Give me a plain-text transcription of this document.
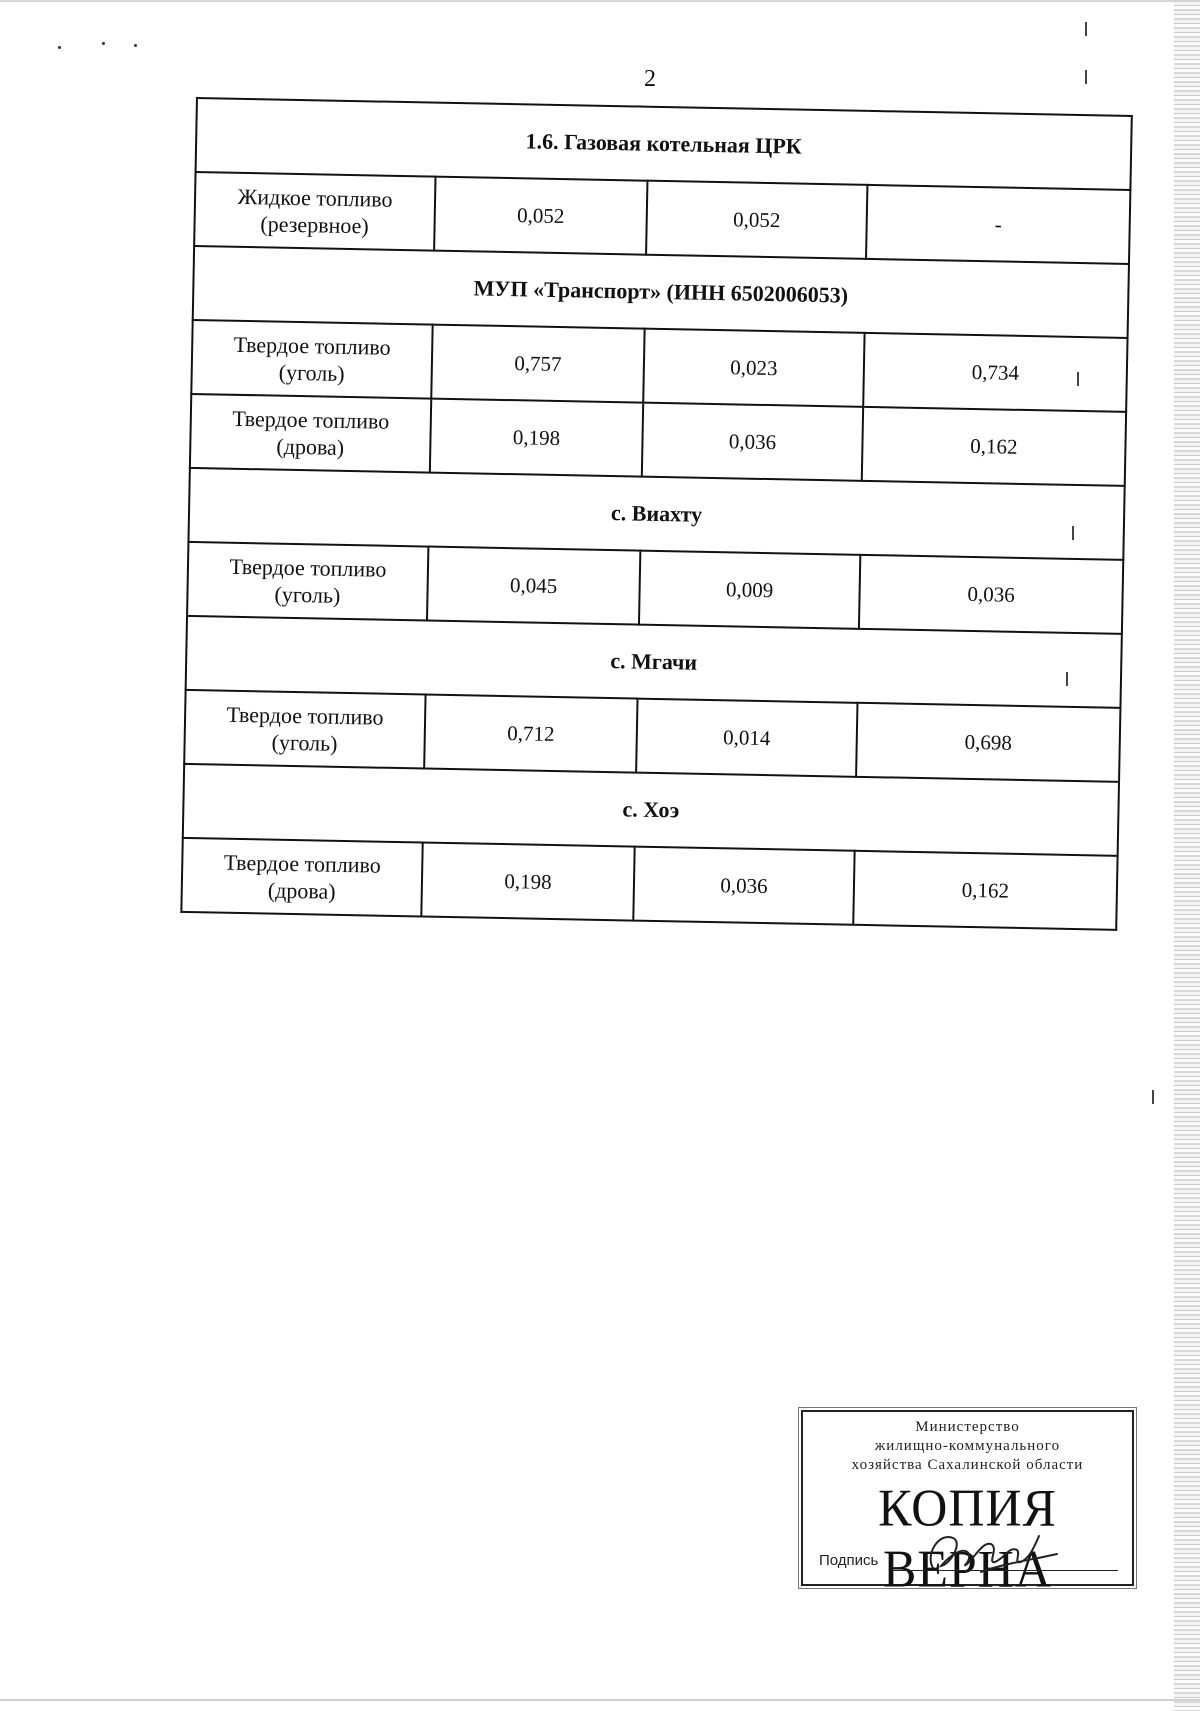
2
1.6. Газовая котельная ЦРК			
Жидкое топливо
(резервное)	0,052	0,052	-
МУП «Транспорт» (ИНН 6502006053)			
Твердое топливо
(уголь)	0,757	0,023	0,734
Твердое топливо
(дрова)	0,198	0,036	0,162
с. Виахту			
Твердое топливо
(уголь)	0,045	0,009	0,036
с. Мгачи			
Твердое топливо
(уголь)	0,712	0,014	0,698
с. Хоэ			
Твердое топливо
(дрова)	0,198	0,036	0,162
Министерство
жилищно-коммунального
хозяйства Сахалинской области
КОПИЯ ВЕРНА
Подпись
